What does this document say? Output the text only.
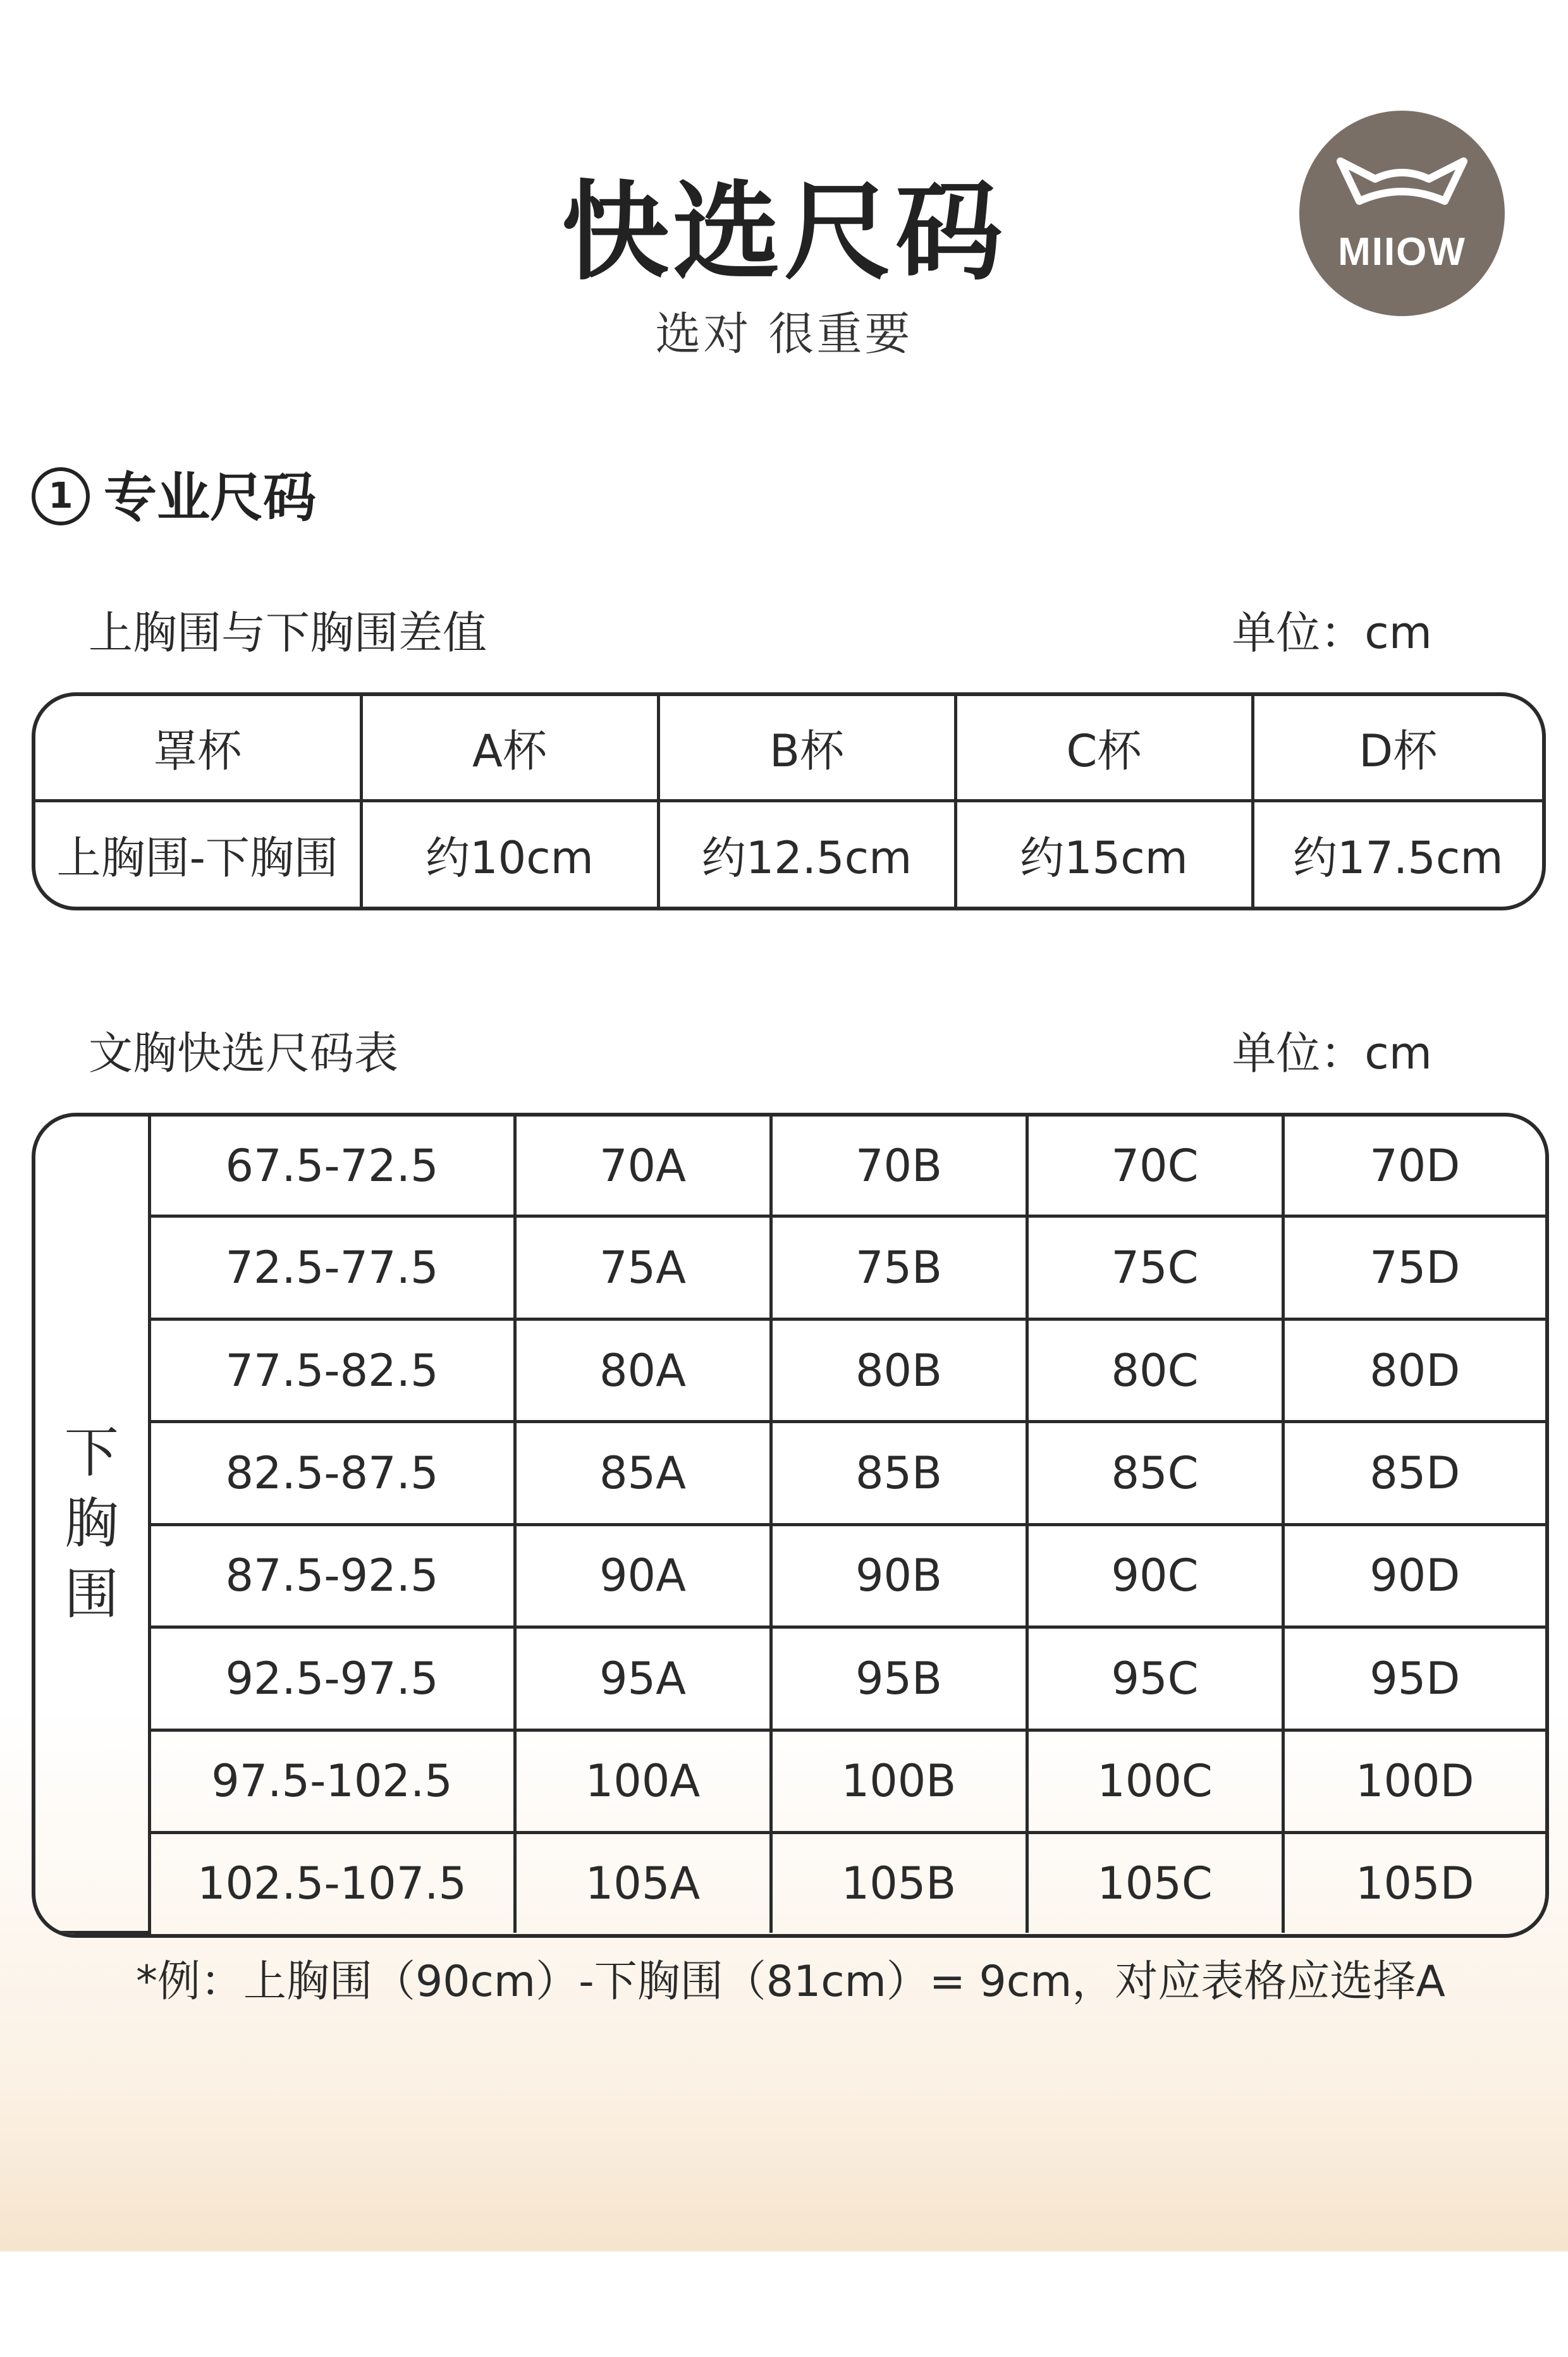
快选尺码
选对 很重要
MIIOW
1 专业尺码
上胸围与下胸围差值	单位：cm
罩杯	A杯	B杯	C杯	D杯
上胸围-下胸围	约10cm	约12.5cm	约15cm	约17.5cm
文胸快选尺码表	单位：cm
下
胸
围	67.5-72.5	70A	70B	70C	70D
	72.5-77.5	75A	75B	75C	75D
	77.5-82.5	80A	80B	80C	80D
	82.5-87.5	85A	85B	85C	85D
	87.5-92.5	90A	90B	90C	90D
	92.5-97.5	95A	95B	95C	95D
	97.5-102.5	100A	100B	100C	100D
	102.5-107.5	105A	105B	105C	105D
*例：上胸围（90cm）-下胸围（81cm）= 9cm，对应表格应选择A
